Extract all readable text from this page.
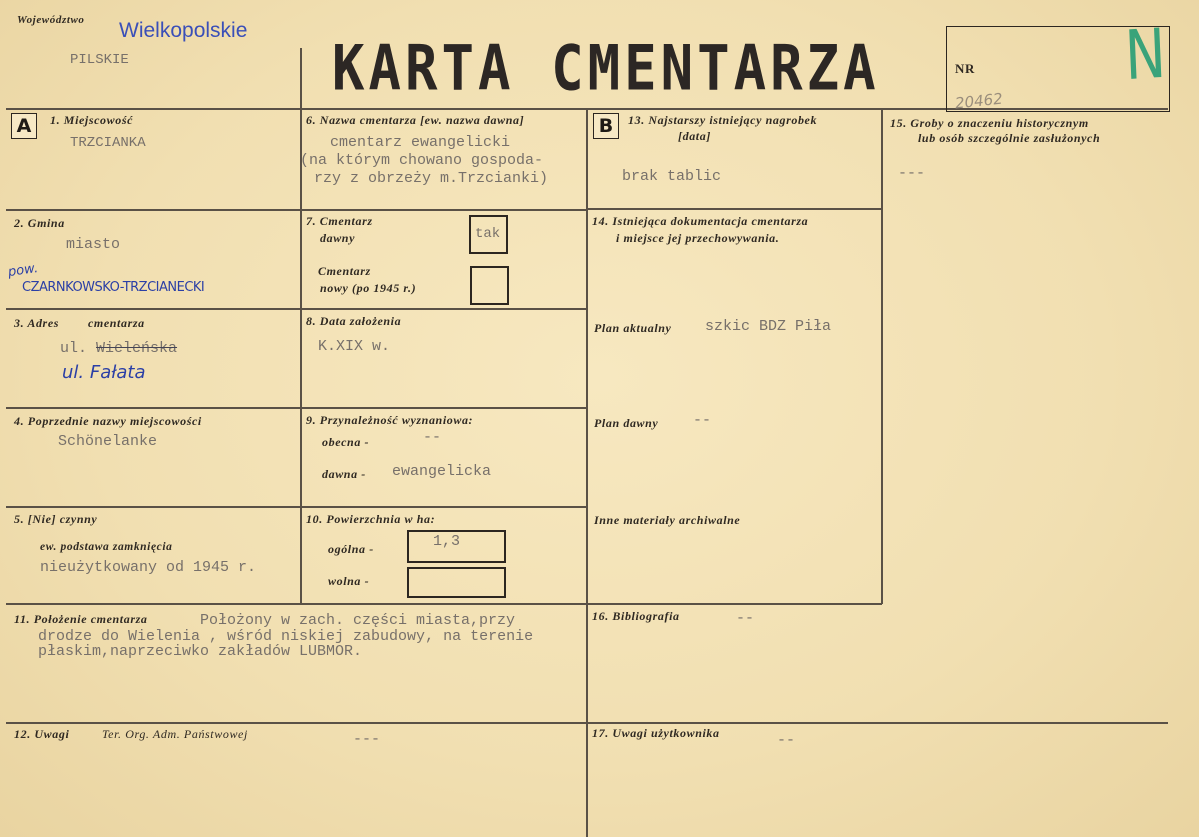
Województwo Wielkopolskie
PILSKIE	KARTA CMENTARZA	NR N
20462
A	B
1. Miejscowość
TRZCIANKA
2. Gmina
miasto
pow.
CZARNKOWSKO-TRZCIANECKI
3. Adres cmentarza
ul. Wieleńska
ul. Fałata
4. Poprzednie nazwy miejscowości
Schönelanke
5. [Nie] czynny
ew. podstawa zamknięcia
nieużytkowany od 1945 r.
6. Nazwa cmentarza [ew. nazwa dawna]
cmentarz ewangelicki
(na którym chowano gospoda-
rzy z obrzeży m.Trzcianki)
7. Cmentarz
dawny	tak
Cmentarz
nowy (po 1945 r.)
8. Data założenia
K.XIX w.
9. Przynależność wyznaniowa:
obecna -	--
dawna - ewangelicka
10. Powierzchnia w ha:
ogólna -	1,3
wolna -
11. Położenie cmentarza	Położony w zach. części miasta,przy
drodze do Wielenia , wśród niskiej zabudowy, na terenie
płaskim,naprzeciwko zakładów LUBMOR.
12. Uwagi	Ter. Org. Adm. Państwowej	---
13. Najstarszy istniejący nagrobek
[data]
brak tablic
14. Istniejąca dokumentacja cmentarza
i miejsce jej przechowywania.
Plan aktualny szkic BDZ Piła
Plan dawny --
Inne materiały archiwalne
15. Groby o znaczeniu historycznym
lub osób szczególnie zasłużonych
---
16. Bibliografia	--
17. Uwagi użytkownika	--
